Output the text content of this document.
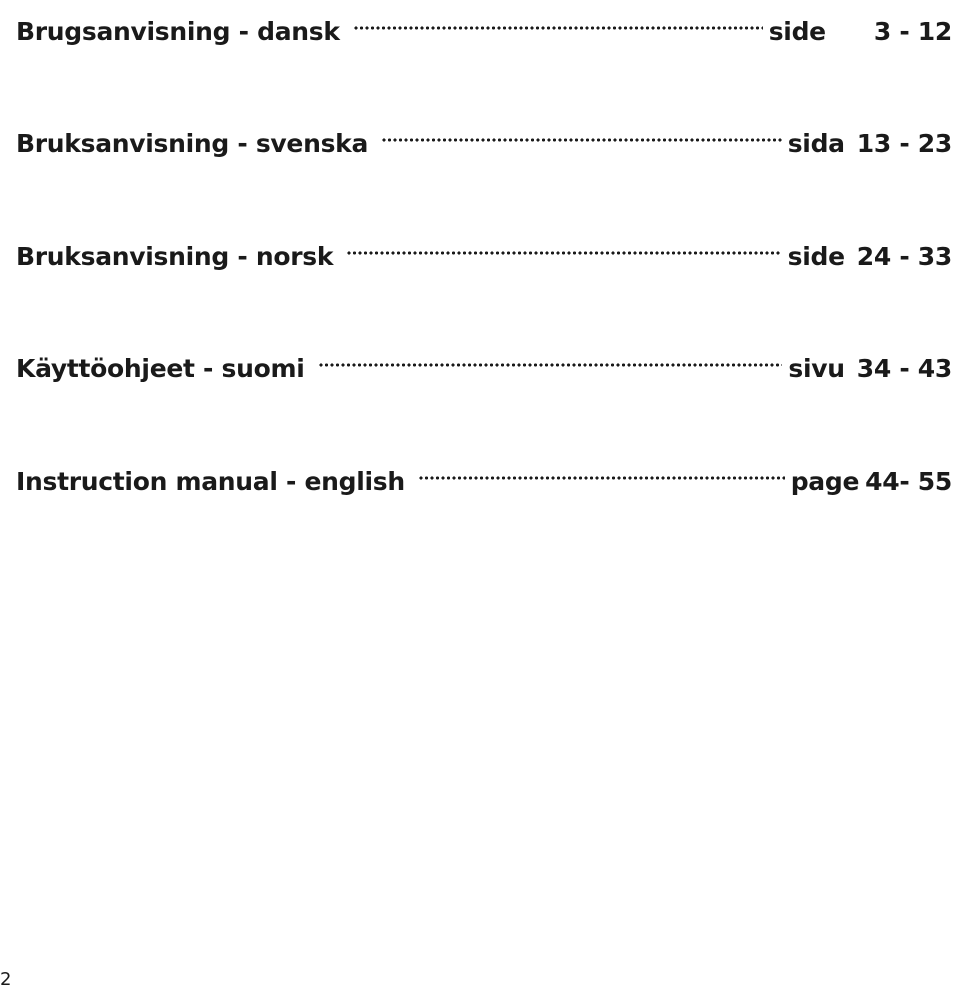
Brugsanvisning - dansk	side 3 - 12
Bruksanvisning - svenska	sida 13 - 23
Bruksanvisning - norsk	side 24 - 33
Käyttöohjeet - suomi	sivu 34 - 43
Instruction manual - english	page 44- 55
2
